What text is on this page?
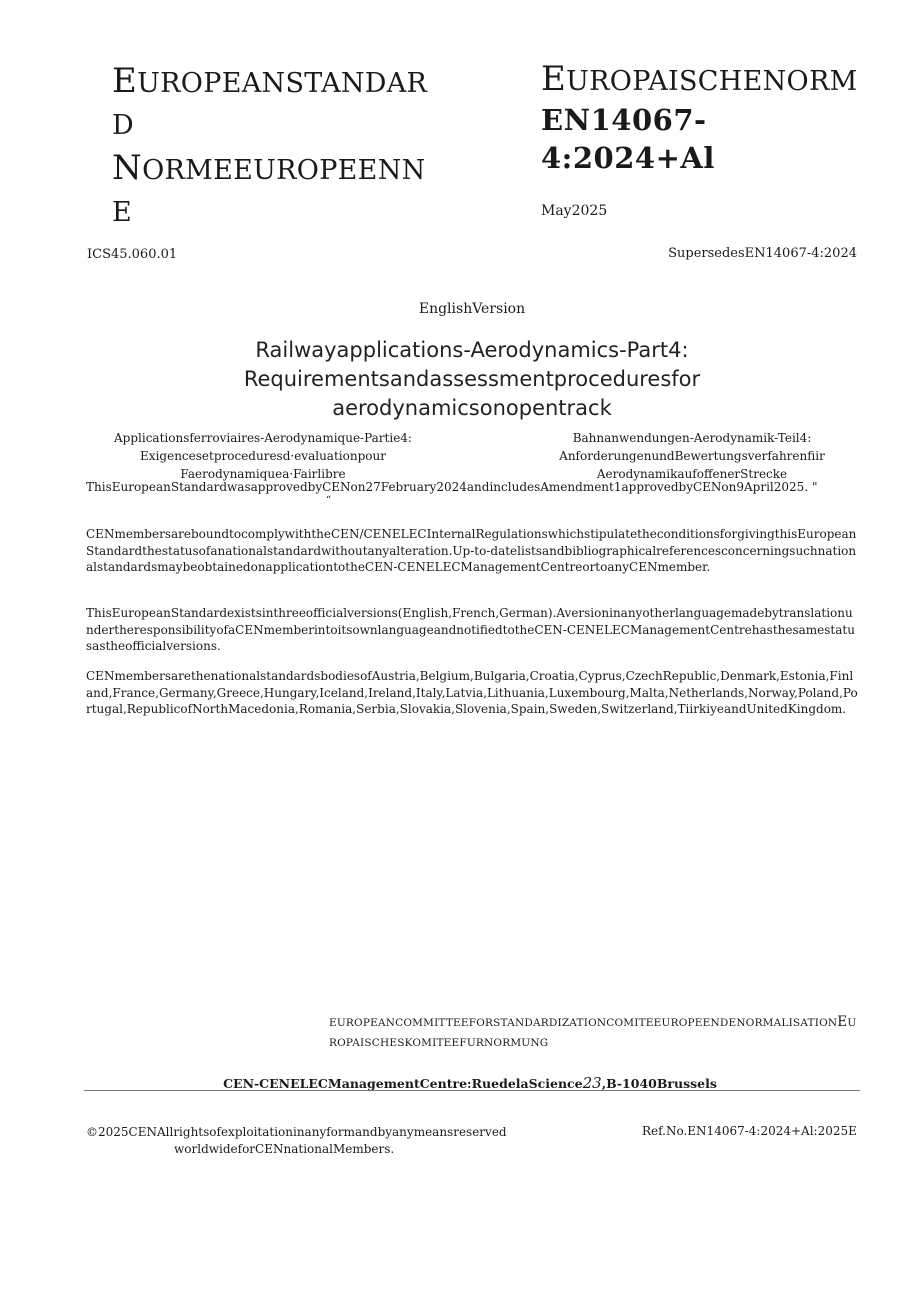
EUROPEANSTANDAR
D
NORMEEUROPEENN
E
EUROPAISCHENORM
EN14067-4:2024+Al
May2025
ICS45.060.01	SupersedesEN14067-4:2024
EnglishVersion
Railwayapplications-Aerodynamics-Part4:
Requirementsandassessmentproceduresfor
aerodynamicsonopentrack
Applicationsferroviaires-Aerodynamique-Partie4:
Exigencesetproceduresd·evaluationpour
Faerodynamiquea·Fairlibre
Bahnanwendungen-Aerodynamik-Teil4:
AnforderungenundBewertungsverfahrenfiir
AerodynamikaufoffenerStrecke
ThisEuropeanStandardwasapprovedbyCENon27February2024andincludesAmendment1approvedbyCENon9April2025. "
“
CENmembersareboundtocomplywiththeCEN/CENELECInternalRegulationswhichstipulatetheconditionsforgivingthisEuropeanStandardthestatusofanationalstandardwithoutanyalteration.Up-to-datelistsandbibliographicalreferencesconcerningsuchnationalstandardsmaybeobtainedonapplicationtotheCEN-CENELECManagementCentreortoanyCENmember.
ThisEuropeanStandardexistsinthreeofficialversions(English,French,German).AversioninanyotherlanguagemadebytranslationundertheresponsibilityofaCENmemberintoitsownlanguageandnotifiedtotheCEN-CENELECManagementCentrehasthesamestatusastheofficialversions.
CENmembersarethenationalstandardsbodiesofAustria,Belgium,Bulgaria,Croatia,Cyprus,CzechRepublic,Denmark,Estonia,Finland,France,Germany,Greece,Hungary,Iceland,Ireland,Italy,Latvia,Lithuania,Luxembourg,Malta,Netherlands,Norway,Poland,Portugal,RepublicofNorthMacedonia,Romania,Serbia,Slovakia,Slovenia,Spain,Sweden,Switzerland,TiirkiyeandUnitedKingdom.
EUROPEANCOMMITTEEFORSTANDARDIZATIONCOMITEEUROPEENDENORMALISATIONEUROPAISCHESKOMITEEFURNORMUNG
CEN-CENELECManagementCentre:RuedelaScience23,B-1040Brussels
©2025CENAllrightsofexploitationinanyformandbyanymeansreserved
worldwideforCENnationalMembers.
Ref.No.EN14067-4:2024+Al:2025E
